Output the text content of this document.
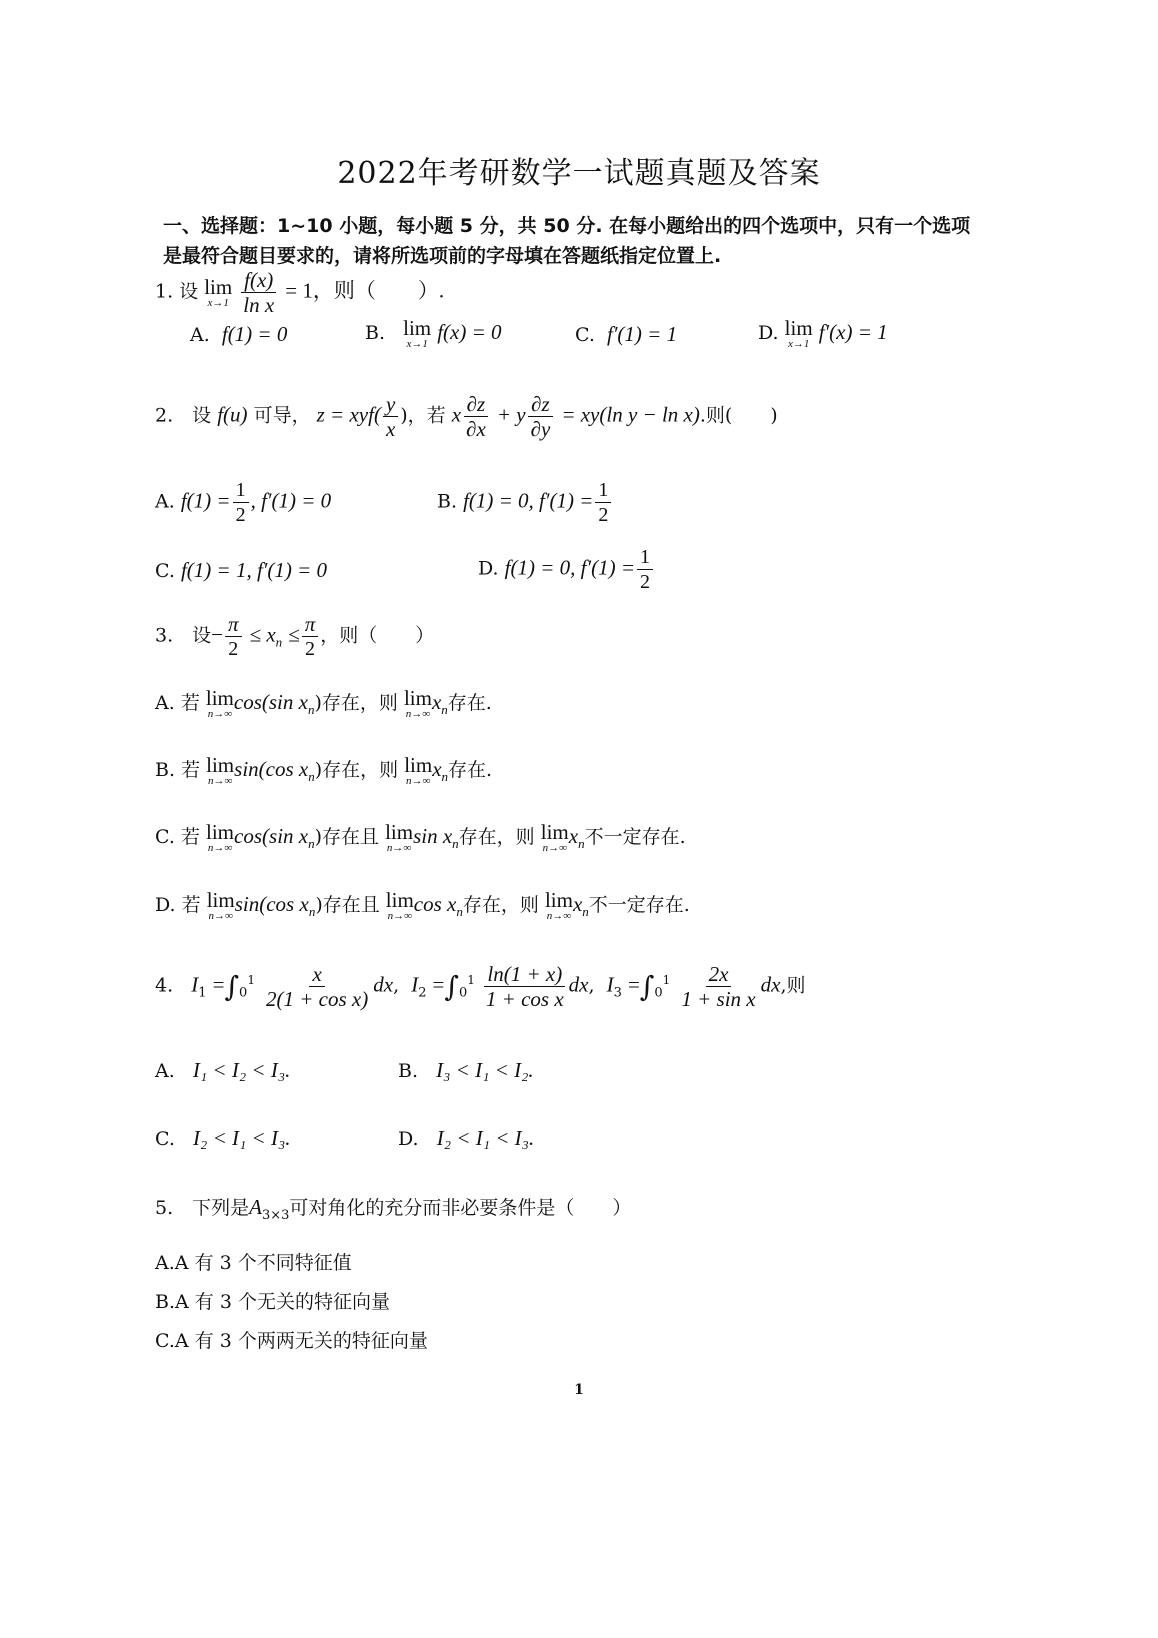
2022年考研数学一试题真题及答案
一、选择题：1~10 小题，每小题 5 分，共 50 分. 在每小题给出的四个选项中，只有一个选项
是最符合题目要求的，请将所选项前的字母填在答题纸指定位置上.
1. 设 lim
x→1
$\frac{f(x)}{\text{ln x}} = 1$，则（　　）.
A. f(1) = 0	B. lim
x→1 f(x) = 0	C. f′(1) = 1	D. lim
x→1 f′(x) = 1
2.　设 f(u) 可导， $z = xyf( \frac{y}{x}$ )，若 x $\frac{\partial z}{\partial x} + y \frac{\partial z}{\partial y} = xy(\ln$ y − ln x).则(　　)
A. $f(1) = \frac{1}{2}$ , f′(1) = 0	B. f(1) = 0, $f'(1) = \frac{1}{2}$
C. f(1) = 1, f′(1) = 0	D. f(1) = 0, $f'(1) = \frac{1}{2}$
3.　设− $\frac{\pi}{2} \le x_n \le \frac{\pi}{2}$ ，则（　　）
A. 若 lim
n→∞ cos(sin $x_n$)存在，则 lim
n→∞ $x_n$存在.
B. 若 lim
n→∞ sin(cos $x_n$)存在，则 lim
n→∞ $x_n$存在.
C. 若 lim
n→∞ cos(sin $x_n$)存在且 lim
n→∞ $\sin x_n$存在，则 lim
n→∞ $x_n$不一定存在.
D. 若 lim
n→∞ sin(cos $x_n$)存在且 lim
n→∞ $\cos x_n$存在，则 lim
n→∞ $x_n$不一定存在.
4. $I_1 =\int_0^1 \frac{x}{\text{2(1 + cos x)}}$ dx,  $I_2 =\int_0^1 \frac{\ln(1 + x)}{\text{1 + cos x}}$ dx,  $I_3 =\int_0^1 \frac{2x}{\text{1 + sin x}}$ dx,则
A. I₁ < I₂ < I₃.	B. I₃ < I₁ < I₂.
C. I₂ < I₁ < I₃.	D. I₂ < I₁ < I₃.
5.　下列是$A_{3\times 3}$可对角化的充分而非必要条件是（　　）
A.A 有 3 个不同特征值
B.A 有 3 个无关的特征向量
C.A 有 3 个两两无关的特征向量
1
